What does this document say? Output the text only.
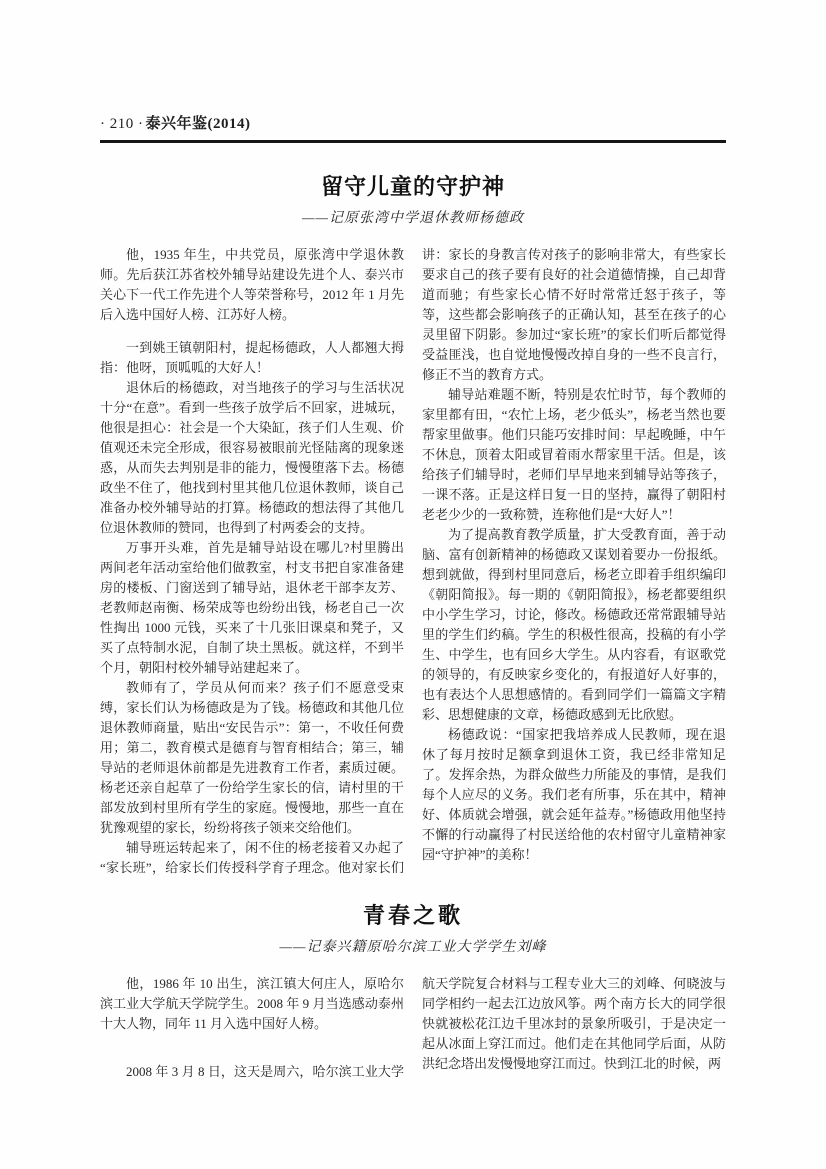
· 210 · 泰兴年鉴(2014)
留守儿童的守护神
——记原张湾中学退休教师杨德政

他，1935 年生，中共党员，原张湾中学退休教师。先后获江苏省校外辅导站建设先进个人、泰兴市关心下一代工作先进个人等荣誉称号，2012 年 1 月先后入选中国好人榜、江苏好人榜。

一到姚王镇朝阳村，提起杨德政，人人都翘大拇指：他呀，顶呱呱的大好人！

退休后的杨德政，对当地孩子的学习与生活状况十分“在意”。看到一些孩子放学后不回家，进城玩，他很是担心：社会是一个大染缸，孩子们人生观、价值观还未完全形成，很容易被眼前光怪陆离的现象迷惑，从而失去判别是非的能力，慢慢堕落下去。杨德政坐不住了，他找到村里其他几位退休教师，谈自己准备办校外辅导站的打算。杨德政的想法得了其他几位退休教师的赞同，也得到了村两委会的支持。

万事开头难，首先是辅导站设在哪儿?村里腾出两间老年活动室给他们做教室，村支书把自家准备建房的楼板、门窗送到了辅导站，退休老干部李友芳、老教师赵南衡、杨荣成等也纷纷出钱，杨老自己一次性掏出 1000 元钱，买来了十几张旧课桌和凳子，又买了点特制水泥，自制了块土黑板。就这样，不到半个月，朝阳村校外辅导站建起来了。

教师有了，学员从何而来？孩子们不愿意受束缚，家长们认为杨德政是为了钱。杨德政和其他几位退休教师商量，贴出“安民告示”：第一，不收任何费用；第二，教育模式是德育与智育相结合；第三，辅导站的老师退休前都是先进教育工作者，素质过硬。杨老还亲自起草了一份给学生家长的信，请村里的干部发放到村里所有学生的家庭。慢慢地，那些一直在犹豫观望的家长，纷纷将孩子领来交给他们。

辅导班运转起来了，闲不住的杨老接着又办起了“家长班”，给家长们传授科学育子理念。他对家长们

讲：家长的身教言传对孩子的影响非常大，有些家长要求自己的孩子要有良好的社会道德情操，自己却背道而驰；有些家长心情不好时常常迁怒于孩子，等等，这些都会影响孩子的正确认知，甚至在孩子的心灵里留下阴影。参加过“家长班”的家长们听后都觉得受益匪浅，也自觉地慢慢改掉自身的一些不良言行，修正不当的教育方式。

辅导站难题不断，特别是农忙时节，每个教师的家里都有田，“农忙上场，老少低头”，杨老当然也要帮家里做事。他们只能巧安排时间：早起晚睡，中午不休息，顶着太阳或冒着雨水帮家里干活。但是，该给孩子们辅导时，老师们早早地来到辅导站等孩子，一课不落。正是这样日复一日的坚持，赢得了朝阳村老老少少的一致称赞，连称他们是“大好人”！

为了提高教育教学质量，扩大受教育面，善于动脑、富有创新精神的杨德政又谋划着要办一份报纸。想到就做，得到村里同意后，杨老立即着手组织编印《朝阳简报》。每一期的《朝阳简报》，杨老都要组织中小学生学习，讨论，修改。杨德政还常常跟辅导站里的学生们约稿。学生的积极性很高，投稿的有小学生、中学生，也有回乡大学生。从内容看，有讴歌党的领导的，有反映家乡变化的，有报道好人好事的，也有表达个人思想感情的。看到同学们一篇篇文字精彩、思想健康的文章，杨德政感到无比欣慰。

杨德政说：“国家把我培养成人民教师，现在退休了每月按时足额拿到退休工资，我已经非常知足了。发挥余热，为群众做些力所能及的事情，是我们每个人应尽的义务。我们老有所事，乐在其中，精神好、体质就会增强，就会延年益寿。”杨德政用他坚持不懈的行动赢得了村民送给他的农村留守儿童精神家园“守护神”的美称！

青春之歌
——记泰兴籍原哈尔滨工业大学学生刘峰

他，1986 年 10 出生，滨江镇大何庄人，原哈尔滨工业大学航天学院学生。2008 年 9 月当选感动泰州十大人物，同年 11 月入选中国好人榜。

2008 年 3 月 8 日，这天是周六，哈尔滨工业大学

航天学院复合材料与工程专业大三的刘峰、何晓波与同学相约一起去江边放风筝。两个南方长大的同学很快就被松花江边千里冰封的景象所吸引，于是决定一起从冰面上穿江而过。他们走在其他同学后面，从防洪纪念塔出发慢慢地穿江而过。快到江北的时候，两
